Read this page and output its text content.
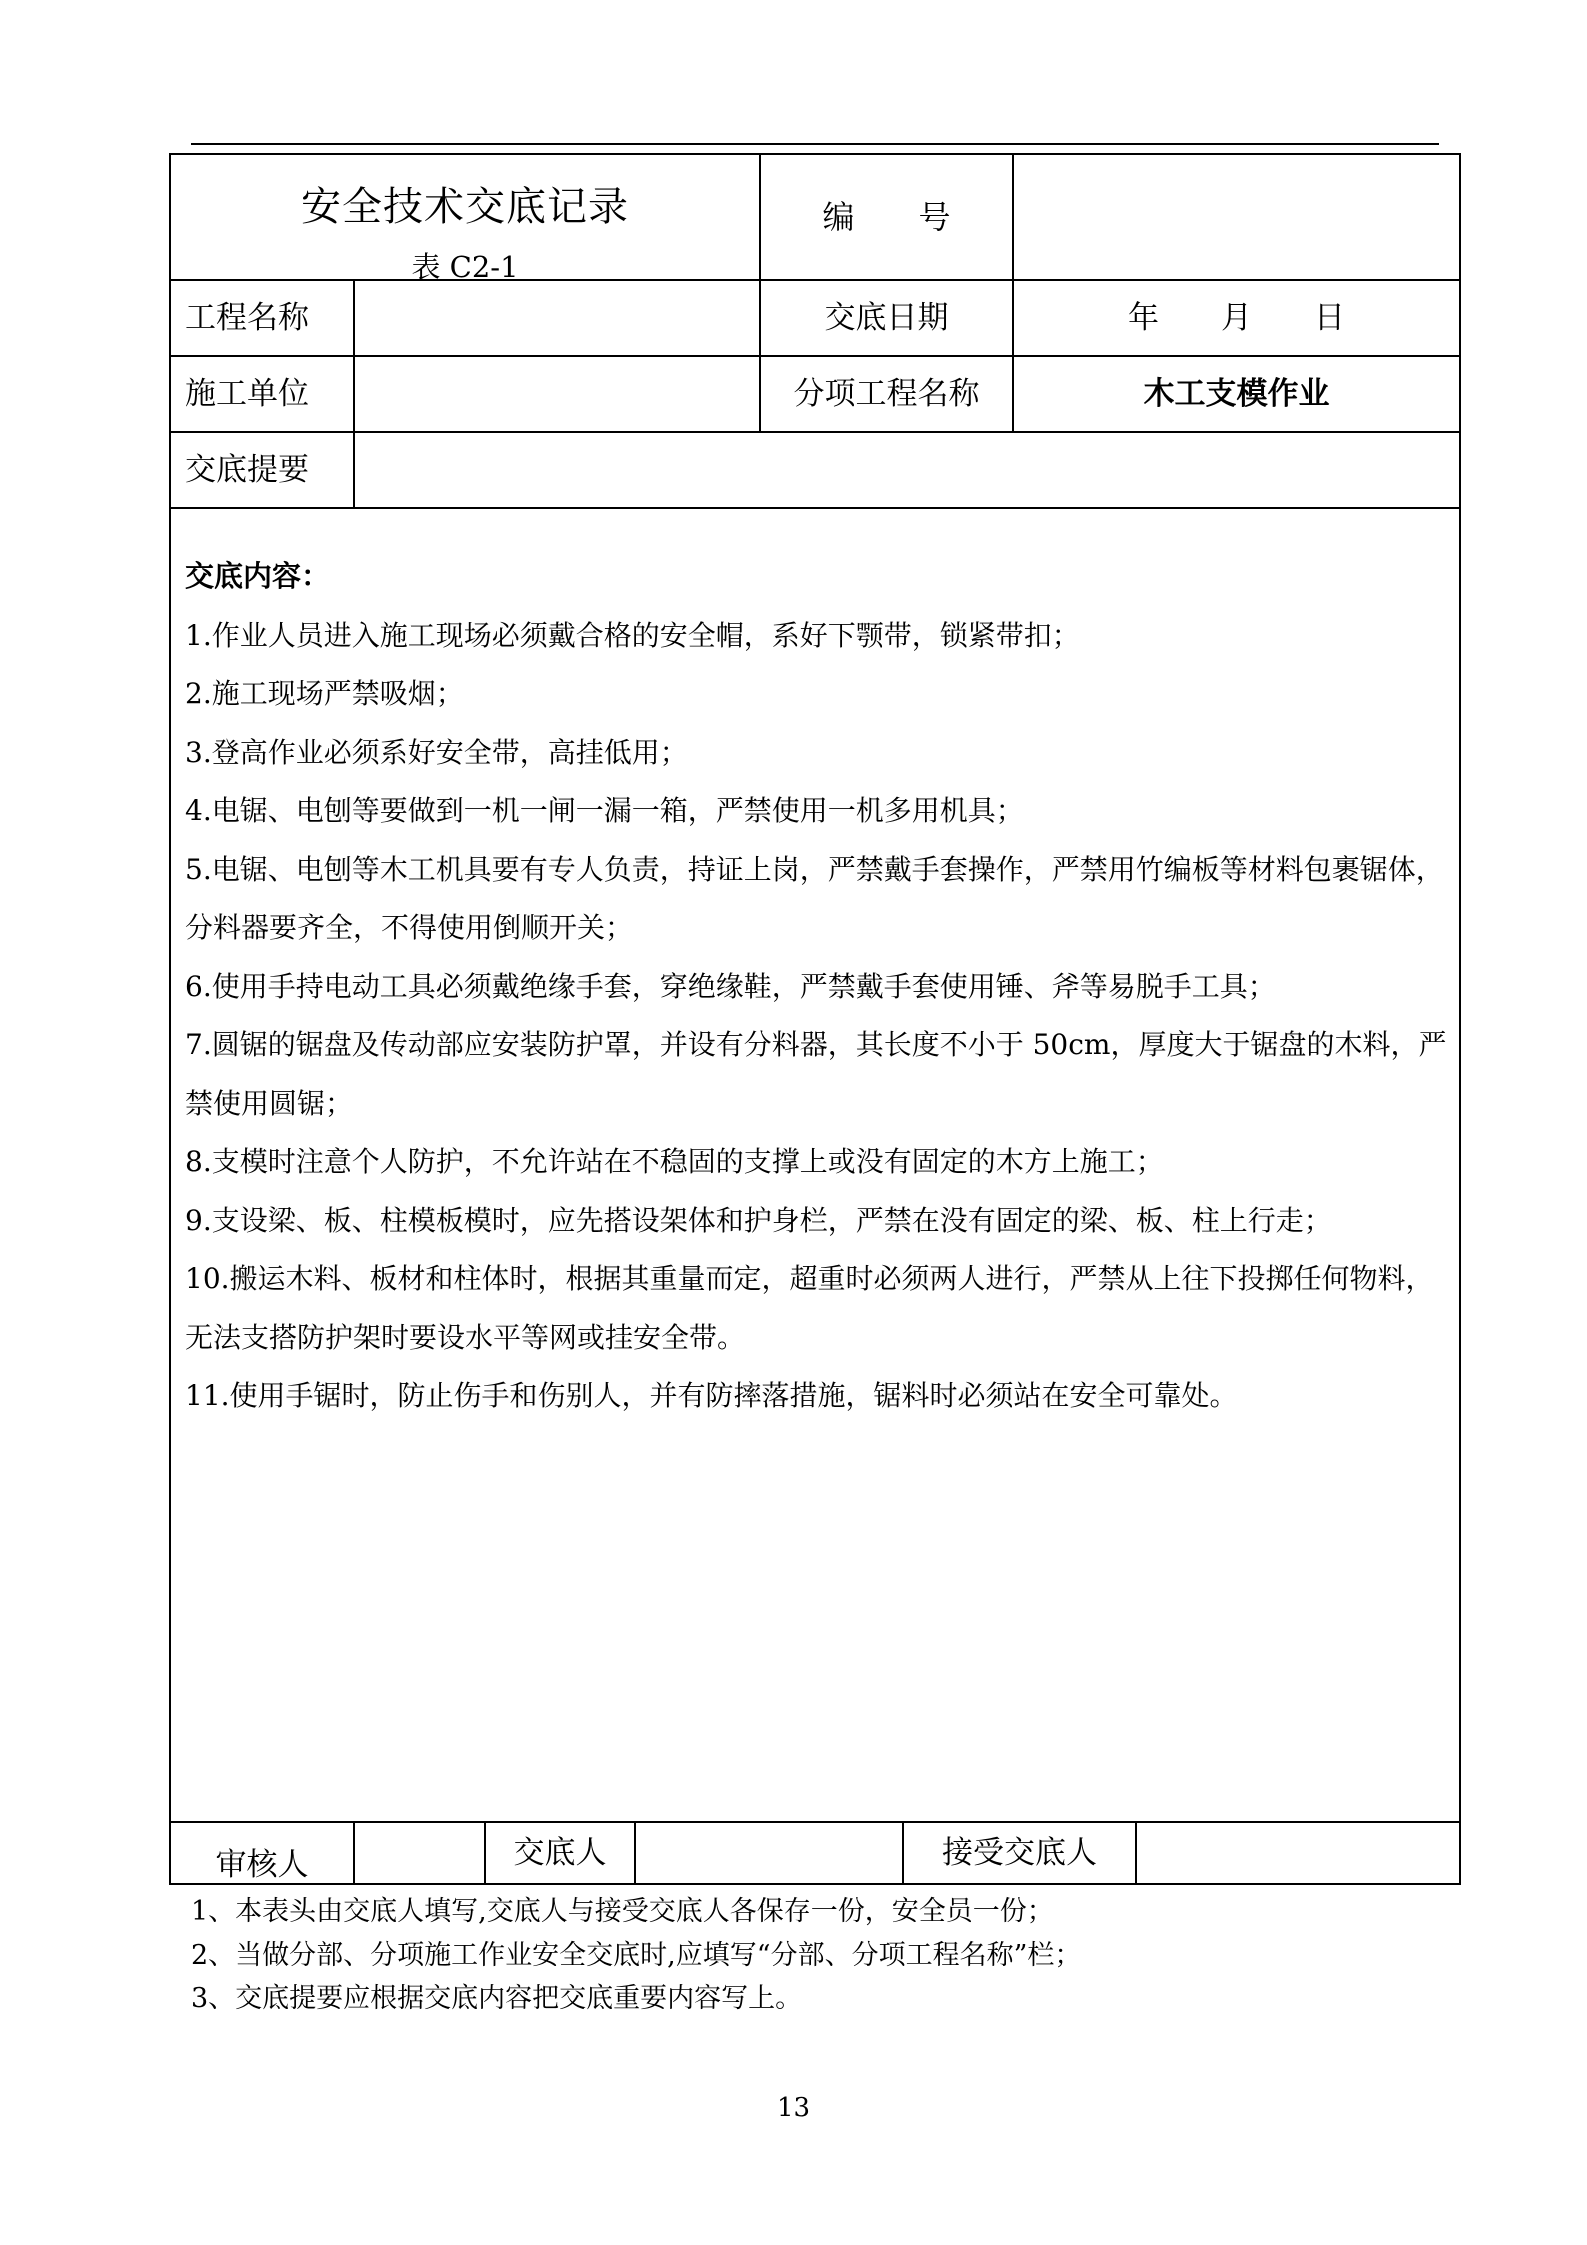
安全技术交底记录
表 C2-1
编　　号
工程名称	交底日期	年　　月　　日
施工单位	分项工程名称	木工支模作业
交底提要

交底内容：

1.作业人员进入施工现场必须戴合格的安全帽，系好下颚带，锁紧带扣；

2.施工现场严禁吸烟；

3.登高作业必须系好安全带，高挂低用；

4.电锯、电刨等要做到一机一闸一漏一箱，严禁使用一机多用机具；

5.电锯、电刨等木工机具要有专人负责，持证上岗，严禁戴手套操作，严禁用竹编板等材料包裹锯体，分料器要齐全，不得使用倒顺开关；

6.使用手持电动工具必须戴绝缘手套，穿绝缘鞋，严禁戴手套使用锤、斧等易脱手工具；

7.圆锯的锯盘及传动部应安装防护罩，并设有分料器，其长度不小于 50cm，厚度大于锯盘的木料，严禁使用圆锯；

8.支模时注意个人防护，不允许站在不稳固的支撑上或没有固定的木方上施工；

9.支设梁、板、柱模板模时，应先搭设架体和护身栏，严禁在没有固定的梁、板、柱上行走；

10.搬运木料、板材和柱体时，根据其重量而定，超重时必须两人进行，严禁从上往下投掷任何物料，无法支搭防护架时要设水平等网或挂安全带。

11.使用手锯时，防止伤手和伤别人，并有防摔落措施，锯料时必须站在安全可靠处。

审核人	交底人	接受交底人

1、本表头由交底人填写,交底人与接受交底人各保存一份，安全员一份；

2、当做分部、分项施工作业安全交底时,应填写“分部、分项工程名称”栏；

3、交底提要应根据交底内容把交底重要内容写上。

13
